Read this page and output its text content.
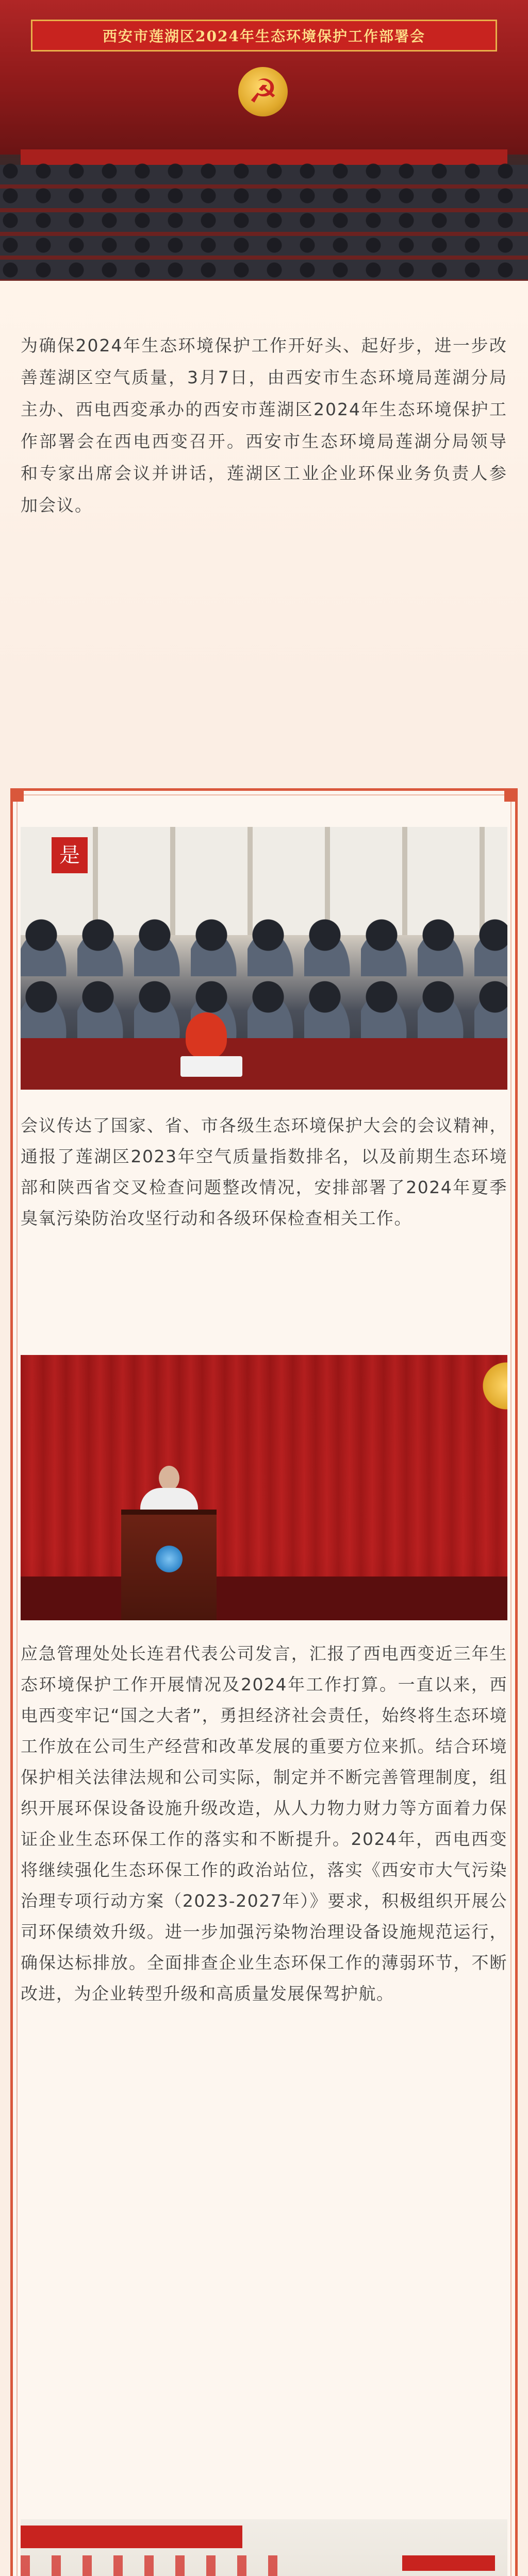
西安市莲湖区2024年生态环境保护工作部署会
☭

为确保2024年生态环境保护工作开好头、起好步，进一步改善莲湖区空气质量，3月7日，由西安市生态环境局莲湖分局主办、西电西変承办的西安市莲湖区2024年生态环境保护工作部署会在西电西变召开。西安市生态环境局莲湖分局领导和专家出席会议并讲话，莲湖区工业企业环保业务负责人参加会议。

是

会议传达了国家、省、市各级生态环境保护大会的会议精神，通报了莲湖区2023年空气质量指数排名，以及前期生态环境部和陕西省交叉检查问题整改情况，安排部署了2024年夏季臭氧污染防治攻坚行动和各级环保检查相关工作。

应急管理处处长连君代表公司发言，汇报了西电西变近三年生态环境保护工作开展情况及2024年工作打算。一直以来，西电西变牢记“国之大者”，勇担经济社会责任，始终将生态环境工作放在公司生产经营和改革发展的重要方位来抓。结合环境保护相关法律法规和公司实际，制定并不断完善管理制度，组织开展环保设备设施升级改造，从人力物力财力等方面着力保证企业生态环保工作的落实和不断提升。2024年，西电西变将继续强化生态环保工作的政治站位，落实《西安市大气污染治理专项行动方案（2023-2027年）》要求，积极组织开展公司环保绩效升级。进一步加强污染物治理设备设施规范运行，确保达标排放。全面排查企业生态环保工作的薄弱环节，不断改进，为企业转型升级和高质量发展保驾护航。
